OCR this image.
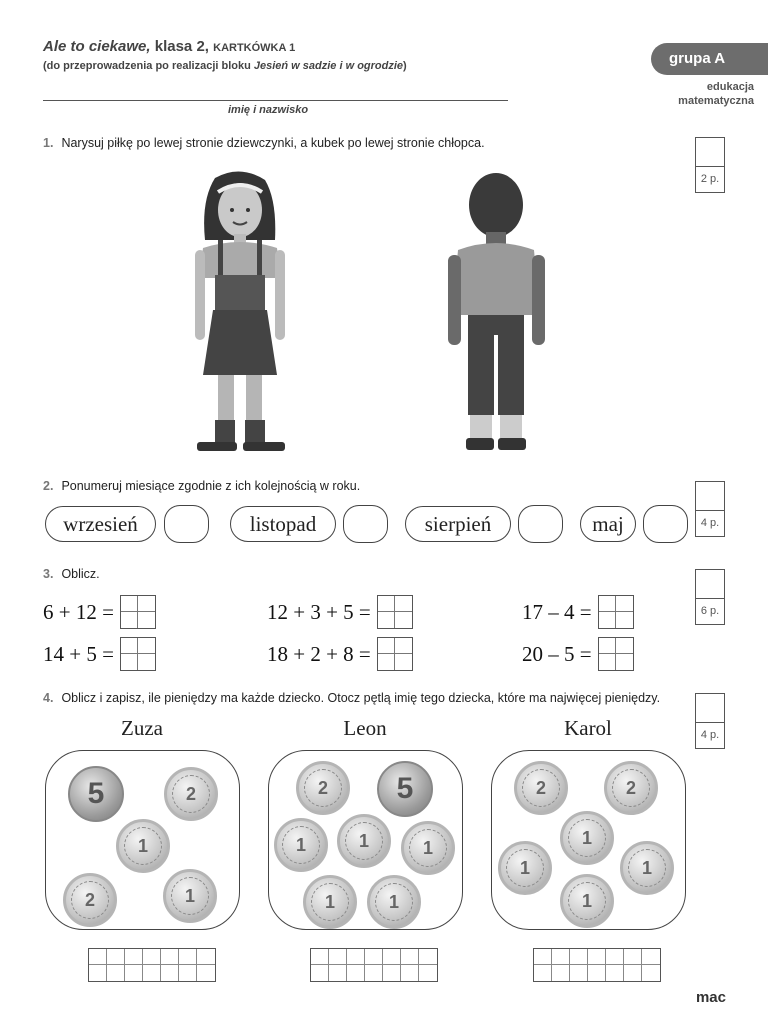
Ale to ciekawe, klasa 2, KARTKÓWKA 1
(do przeprowadzenia po realizacji bloku Jesień w sadzie i w ogrodzie)
imię i nazwisko
grupa A
edukacja
matematyczna
1. Narysuj piłkę po lewej stronie dziewczynki, a kubek po lewej stronie chłopca.
2 p.
2. Ponumeruj miesiące zgodnie z ich kolejnością w roku.
4 p.
wrzesień	listopad	sierpień	maj
3. Oblicz.
6 p.
6 + 12 =	12 + 3 + 5 =	17 – 4 =
14 + 5 =	18 + 2 + 8 =	20 – 5 =
4. Oblicz i zapisz, ile pieniędzy ma każde dziecko. Otocz pętlą imię tego dziecka, które ma najwięcej pieniędzy.
4 p.
Zuza
5	2
1
2	1
Leon
2	5
1	1	1
1	1
Karol
2	2
1
1	1
1
mac
